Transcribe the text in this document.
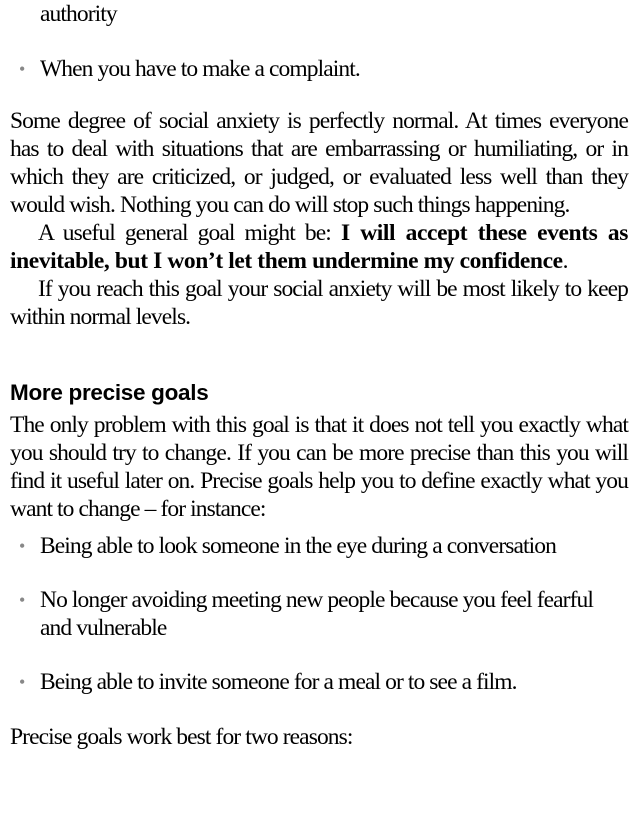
authority

• When you have to make a complaint.

Some degree of social anxiety is perfectly normal. At times everyone has to deal with situations that are embarrassing or humiliating, or in which they are criticized, or judged, or evaluated less well than they would wish. Nothing you can do will stop such things happening.

A useful general goal might be: I will accept these events as inevitable, but I won’t let them undermine my confidence.

If you reach this goal your social anxiety will be most likely to keep within normal levels.

More precise goals

The only problem with this goal is that it does not tell you exactly what you should try to change. If you can be more precise than this you will find it useful later on. Precise goals help you to define exactly what you want to change – for instance:

• Being able to look someone in the eye during a conversation

• No longer avoiding meeting new people because you feel fearful and vulnerable

• Being able to invite someone for a meal or to see a film.

Precise goals work best for two reasons:
